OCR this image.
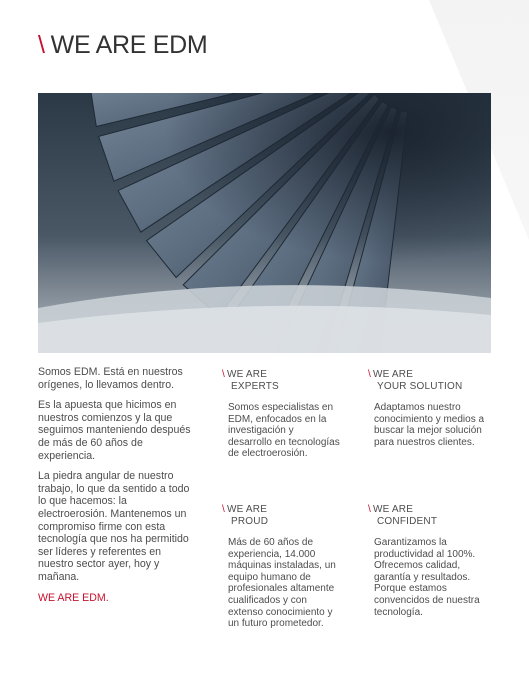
\ WE ARE EDM

Somos EDM. Está en nuestros orígenes, lo llevamos dentro.

Es la apuesta que hicimos en nuestros comienzos y la que seguimos manteniendo después de más de 60 años de experiencia.

La piedra angular de nuestro trabajo, lo que da sentido a todo lo que hacemos: la electroerosión. Mantenemos un compromiso firme con esta tecnología que nos ha permitido ser líderes y referentes en nuestro sector ayer, hoy y mañana.

WE ARE EDM.

\ WE ARE
EXPERTS

Somos especialistas en EDM, enfocados en la investigación y desarrollo en tecnologías de electroerosión.

\ WE ARE
YOUR SOLUTION

Adaptamos nuestro conocimiento y medios a buscar la mejor solución para nuestros clientes.

\ WE ARE
PROUD

Más de 60 años de experiencia, 14.000 máquinas instaladas, un equipo humano de profesionales altamente cualificados y con extenso conocimiento y un futuro prometedor.

\ WE ARE
CONFIDENT

Garantizamos la productividad al 100%. Ofrecemos calidad, garantía y resultados. Porque estamos convencidos de nuestra tecnología.
